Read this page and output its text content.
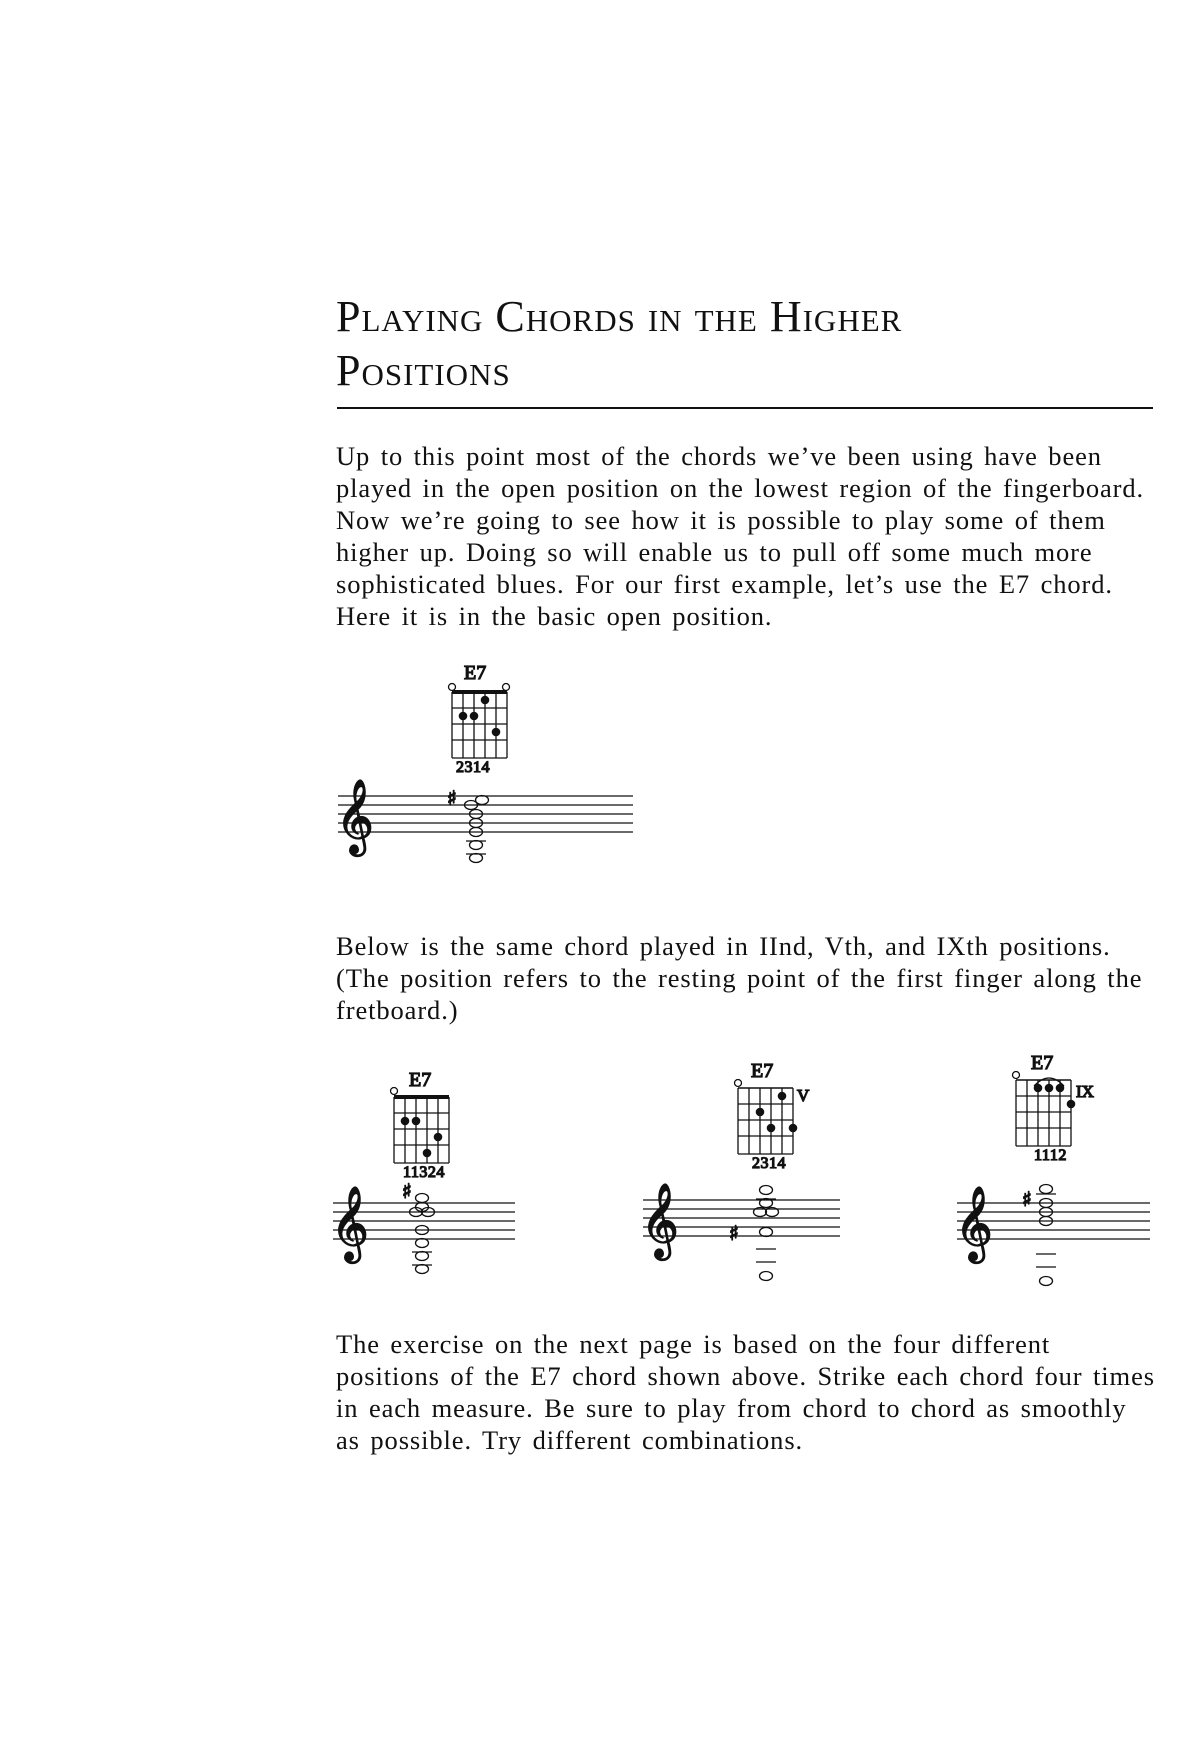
Playing Chords in the Higher
Positions

Up to this point most of the chords we’ve been using have been played in the open position on the lowest region of the fingerboard. Now we’re going to see how it is possible to play some of them higher up. Doing so will enable us to pull off some much more sophisticated blues. For our first example, let’s use the E7 chord. Here it is in the basic open position.

Below is the same chord played in IInd, Vth, and IXth positions. (The position refers to the resting point of the first finger along the fretboard.)

The exercise on the next page is based on the four different positions of the E7 chord shown above. Strike each chord four times in each measure. Be sure to play from chord to chord as smoothly as possible. Try different combinations.

E7
2314
𝄞	♯
E7
11324
𝄞 ♯
E7
V
2314
𝄞	♯
E7
IX
1112
𝄞 ♯
